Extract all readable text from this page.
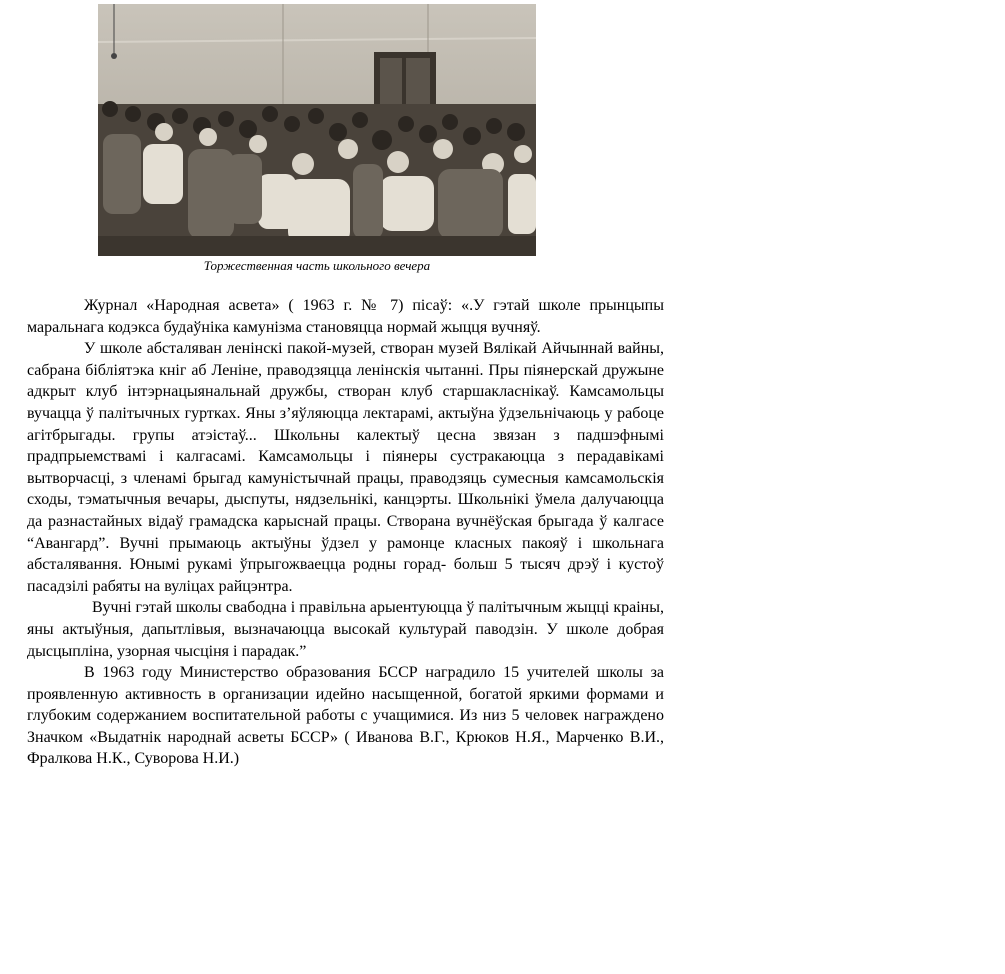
Торжественная часть школьного вечера

Журнал «Народная асвета» ( 1963 г. № 7) пісаў: «.У гэтай школе прынцыпы маральнага кодэкса будаўніка камунізма становяцца нормай жыцця вучняў.

У школе абсталяван ленінскі пакой-музей, створан музей Вялікай Айчыннай вайны, сабрана бібліятэка кніг аб Леніне, праводзяцца ленінскія чытанні. Пры піянерскай дружыне адкрыт клуб інтэрнацыянальнай дружбы, створан клуб старшакласнікаў. Камсамольцы вучацца ў палітычных гуртках. Яны з’яўляюцца лектарамі, актыўна ўдзельнічаюць у рабоце агітбрыгады. групы атэістаў... Школьны калектыў цесна звязан з падшэфнымі прадпрыемствамі і калгасамі. Камсамольцы і піянеры сустракаюцца з перадавікамі вытворчасці, з членамі брыгад камуністычнай працы, праводзяць сумесныя камсамольскія сходы, тэматычныя вечары, дыспуты, нядзельнікі, канцэрты. Школьнікі ўмела далучаюцца да разнастайных відаў грамадска карыснай працы. Створана вучнёўская брыгада ў калгасе “Авангард”. Вучні прымаюць актыўны ўдзел у рамонце класных пакояў і школьнага абсталявання. Юнымі рукамі ўпрыгожваецца родны горад- больш 5 тысяч дрэў і кустоў пасадзілі рабяты на вуліцах райцэнтра.

Вучні гэтай школы свабодна і правільна арыентуюцца ў палітычным жыцці краіны, яны актыўныя, дапытлівыя, вызначаюцца высокай культурай паводзін. У школе добрая дысцыпліна, узорная чысціня і парадак.”

В 1963 году Министерство образования БССР наградило 15 учителей школы за проявленную активность в организации идейно насыщенной, богатой яркими формами и глубоким содержанием воспитательной работы с учащимися. Из низ 5 человек награждено Значком «Выдатнік народнай асветы БССР» ( Иванова В.Г., Крюков Н.Я., Марченко В.И., Фралкова Н.К., Суворова Н.И.)
